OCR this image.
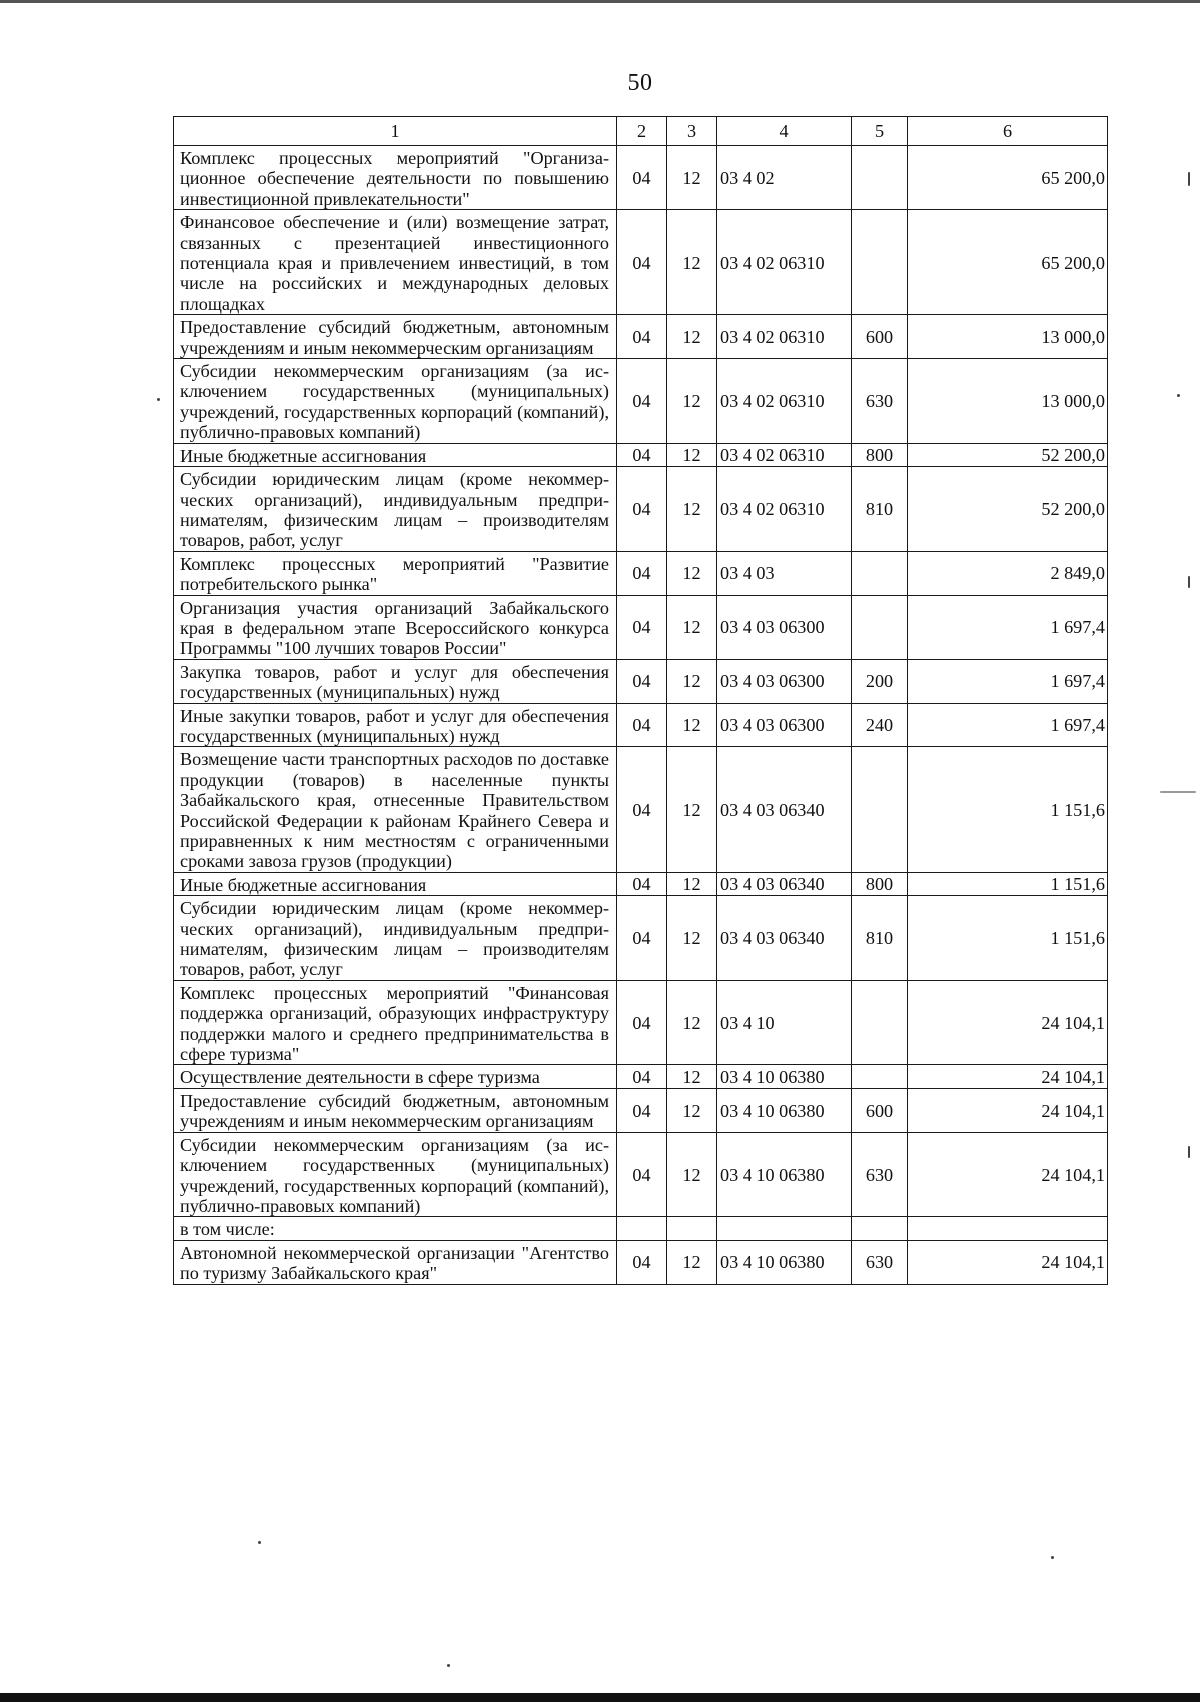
50
1	2	3	4	5	6
Комплекс процессных мероприятий "Организационное обеспечение деятельности по повышению инвестиционной привлекательности"	04	12	03 4 02		65 200,0
Финансовое обеспечение и (или) возмещение затрат, связанных с презентацией инвестиционного потенциала края и привлечением инвестиций, в том числе на российских и международных деловых площадках	04	12	03 4 02 06310		65 200,0
Предоставление субсидий бюджетным, автономным учреждениям и иным некоммерческим организациям	04	12	03 4 02 06310	600	13 000,0
Субсидии некоммерческим организациям (за исключением государственных (муниципальных) учреждений, государственных корпораций (компаний), публично-правовых компаний)	04	12	03 4 02 06310	630	13 000,0
Иные бюджетные ассигнования	04	12	03 4 02 06310	800	52 200,0
Субсидии юридическим лицам (кроме некоммерческих организаций), индивидуальным предпринимателям, физическим лицам – производителям товаров, работ, услуг	04	12	03 4 02 06310	810	52 200,0
Комплекс процессных мероприятий "Развитие потребительского рынка"	04	12	03 4 03		2 849,0
Организация участия организаций Забайкальского края в федеральном этапе Всероссийского конкурса Программы "100 лучших товаров России"	04	12	03 4 03 06300		1 697,4
Закупка товаров, работ и услуг для обеспечения государственных (муниципальных) нужд	04	12	03 4 03 06300	200	1 697,4
Иные закупки товаров, работ и услуг для обеспечения государственных (муниципальных) нужд	04	12	03 4 03 06300	240	1 697,4
Возмещение части транспортных расходов по доставке продукции (товаров) в населенные пункты Забайкальского края, отнесенные Правительством Российской Федерации к районам Крайнего Севера и приравненных к ним местностям с ограниченными сроками завоза грузов (продукции)	04	12	03 4 03 06340		1 151,6
Иные бюджетные ассигнования	04	12	03 4 03 06340	800	1 151,6
Субсидии юридическим лицам (кроме некоммерческих организаций), индивидуальным предпринимателям, физическим лицам – производителям товаров, работ, услуг	04	12	03 4 03 06340	810	1 151,6
Комплекс процессных мероприятий "Финансовая поддержка организаций, образующих инфраструктуру поддержки малого и среднего предпринимательства в сфере туризма"	04	12	03 4 10		24 104,1
Осуществление деятельности в сфере туризма	04	12	03 4 10 06380		24 104,1
Предоставление субсидий бюджетным, автономным учреждениям и иным некоммерческим организациям	04	12	03 4 10 06380	600	24 104,1
Субсидии некоммерческим организациям (за исключением государственных (муниципальных) учреждений, государственных корпораций (компаний), публично-правовых компаний)	04	12	03 4 10 06380	630	24 104,1
в том числе:					
Автономной некоммерческой организации "Агентство по туризму Забайкальского края"	04	12	03 4 10 06380	630	24 104,1
